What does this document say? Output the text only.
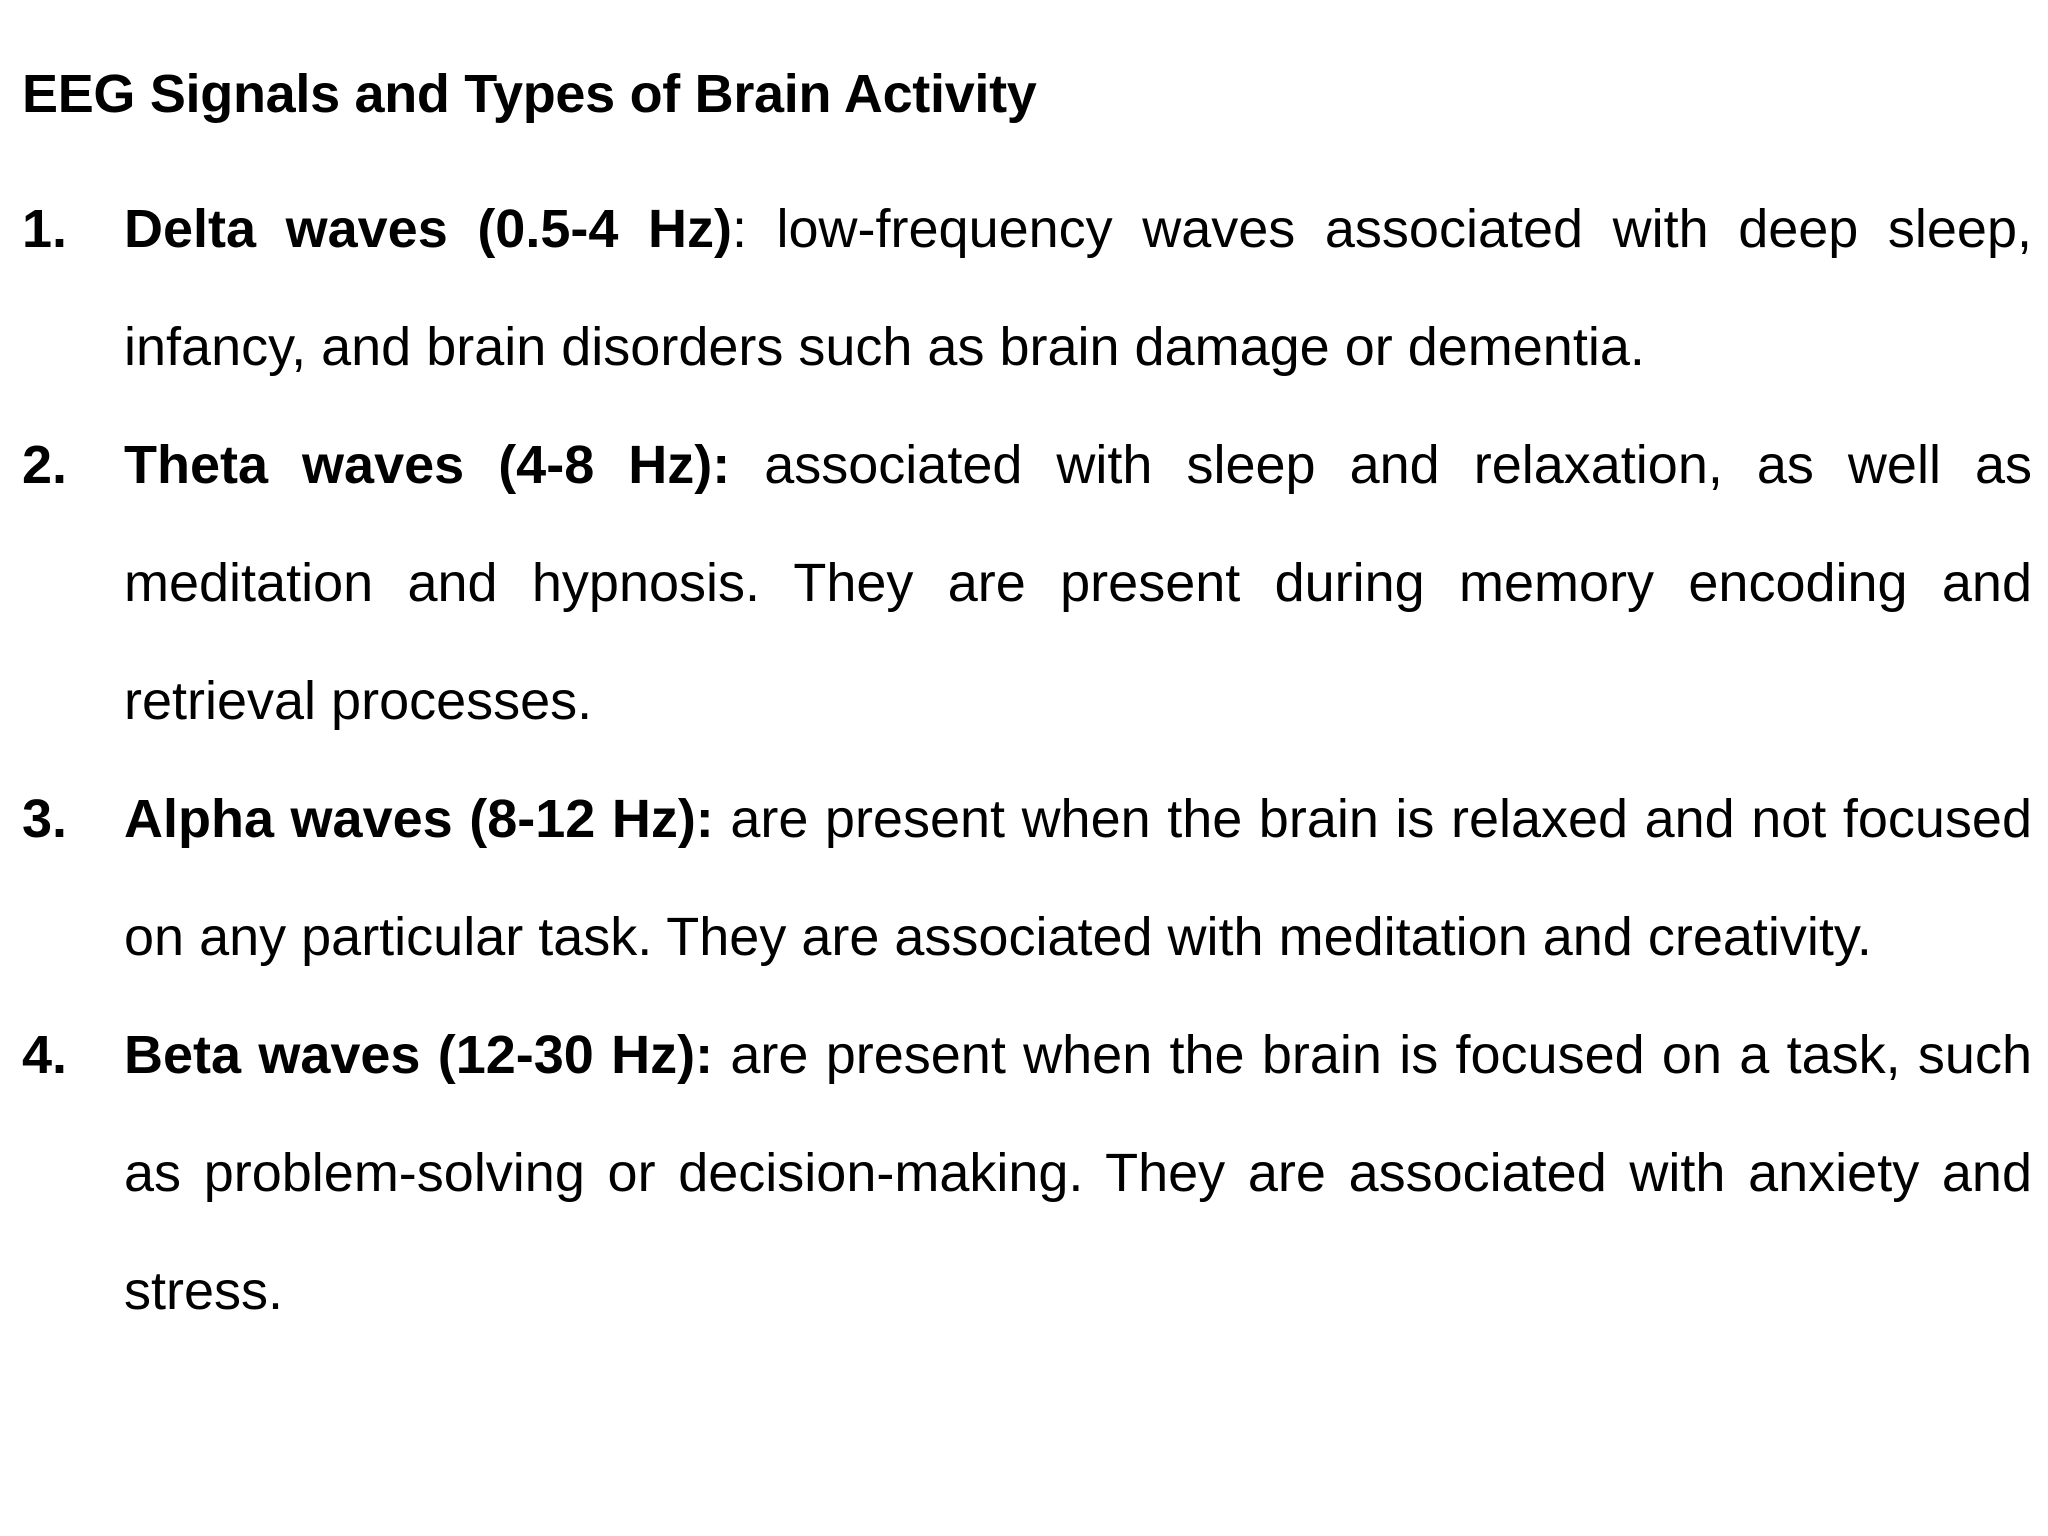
EEG Signals and Types of Brain Activity
1. Delta waves (0.5-4 Hz): low-frequency waves associated with deep sleep, infancy, and brain disorders such as brain damage or dementia.
2. Theta waves (4-8 Hz): associated with sleep and relaxation, as well as meditation and hypnosis. They are present during memory encoding and retrieval processes.
3. Alpha waves (8-12 Hz): are present when the brain is relaxed and not focused on any particular task. They are associated with meditation and creativity.
4. Beta waves (12-30 Hz): are present when the brain is focused on a task, such as problem-solving or decision-making. They are associated with anxiety and stress.
